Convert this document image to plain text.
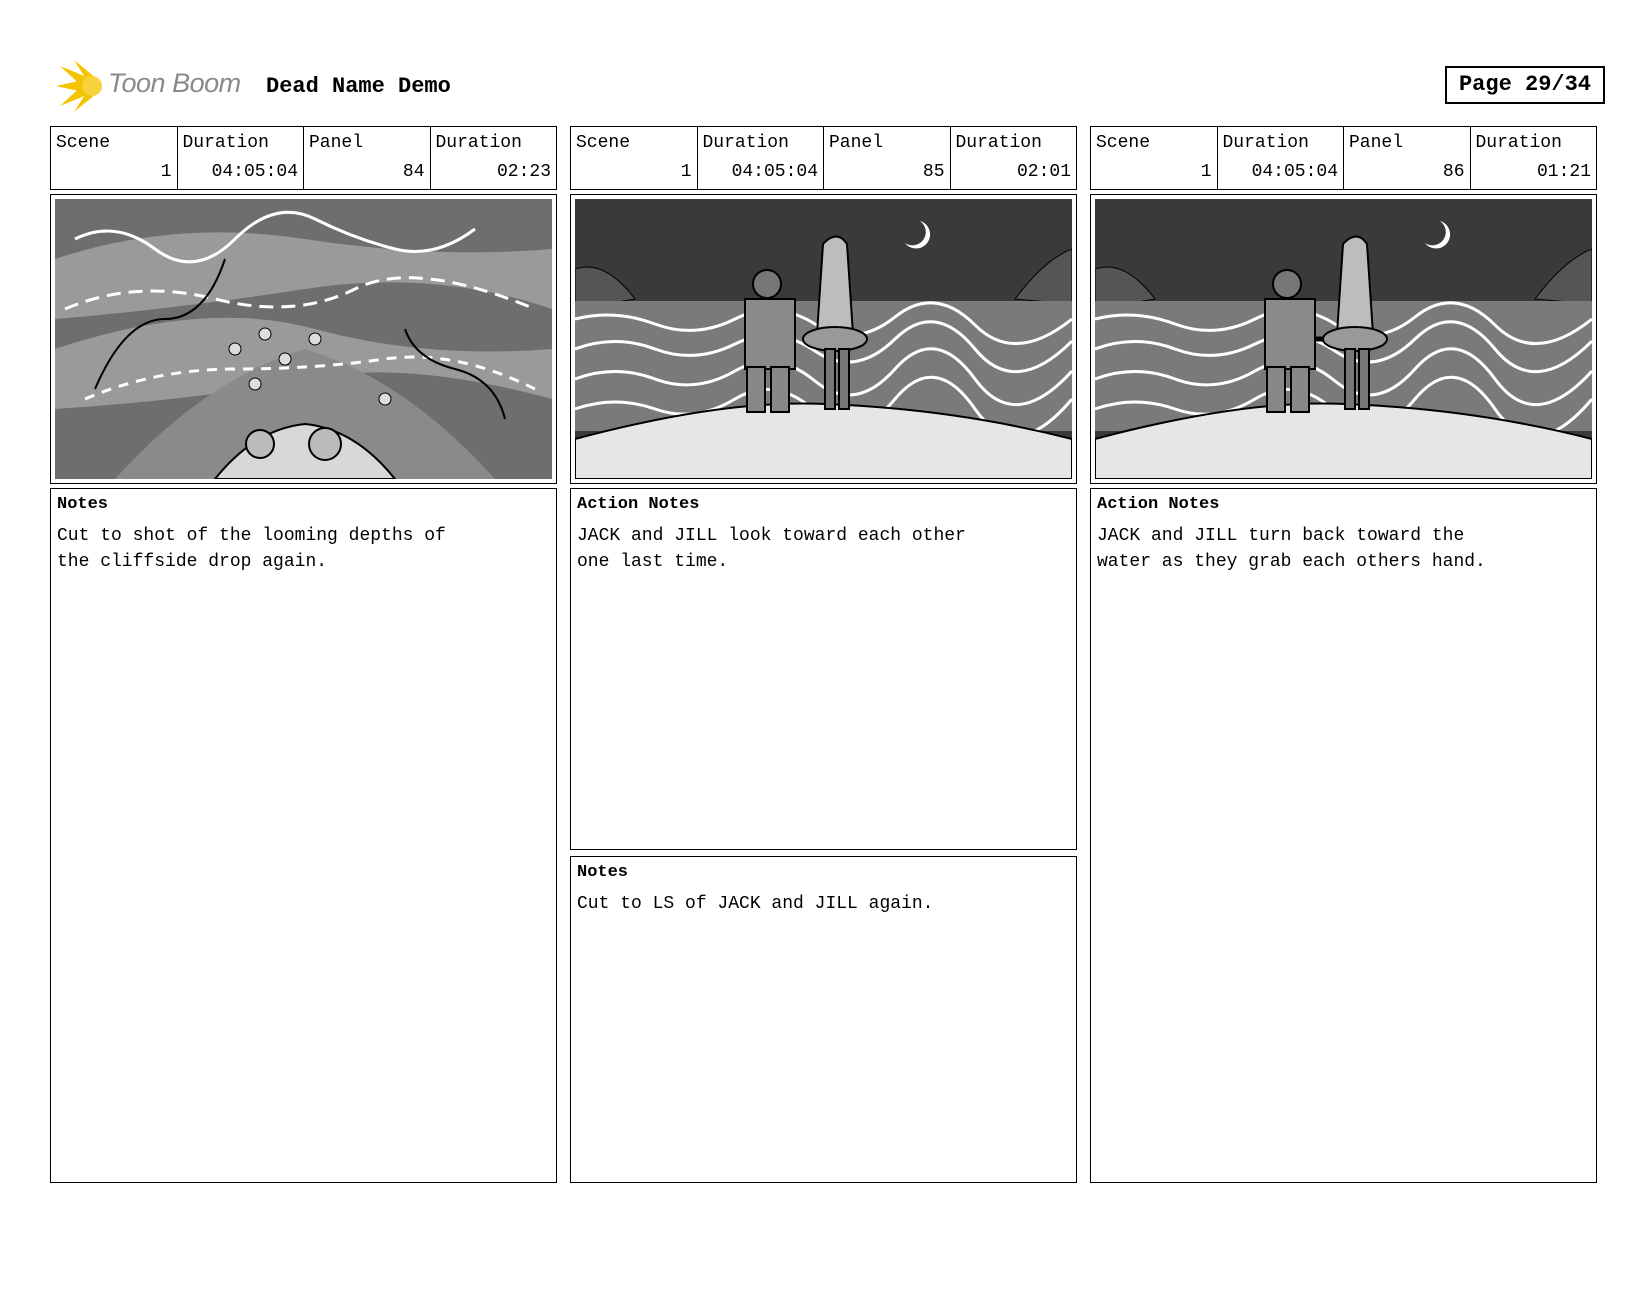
Toon Boom Dead Name Demo	Page 29/34
Scene
1
Duration
04:05:04
Panel
84
Duration
02:23
Notes
Cut to shot of the looming depths of
the cliffside drop again.
Scene
1
Duration
04:05:04
Panel
85
Duration
02:01
Action Notes
JACK and JILL look toward each other
one last time.
Notes
Cut to LS of JACK and JILL again.
Scene
1
Duration
04:05:04
Panel
86
Duration
01:21
Action Notes
JACK and JILL turn back toward the
water as they grab each others hand.
